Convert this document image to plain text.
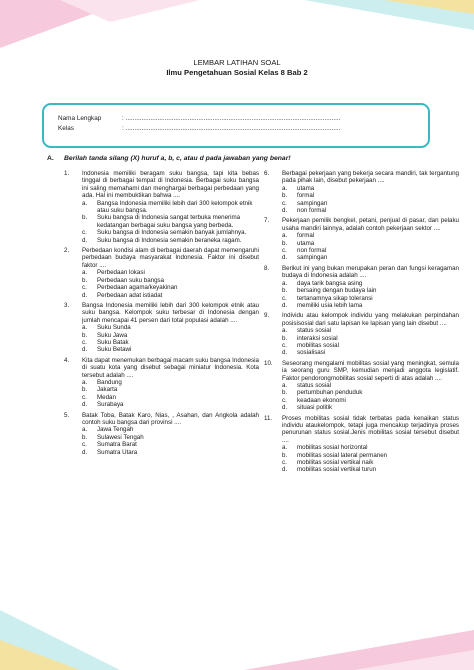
LEMBAR LATIHAN SOAL
Ilmu Pengetahuan Sosial Kelas 8 Bab 2
Nama Lengkap	: .........................................................................................................................
Kelas	: .........................................................................................................................
A. Berilah tanda silang (X) huruf a, b, c, atau d pada jawaban yang benar!
1. Indonesia memiliki beragam suku bangsa, tapi kita bebas tinggal di berbagai tempat di Indonesia. Berbagai suku bangsa ini saling memahami dan menghargai berbagai perbedaan yang ada. Hal ini membuktikan bahwa ....
a. Bangsa Indonesia memiliki lebih dari 300 kelompok etnik atau suku bangsa.
b. Suku bangsa di Indonesia sangat terbuka menerima kedatangan berbagai suku bangsa yang berbeda.
c. Suku bangsa di Indonesia semakin banyak jumlahnya.
d. Suku bangsa di Indonesia semakin beraneka ragam.
2. Perbedaan kondisi alam di berbagai daerah dapat memengaruhi perbedaan budaya masyarakat Indonesia. Faktor ini disebut faktor ....
a. Perbedaan lokasi
b. Perbedaan suku bangsa
c. Perbedaan agama/keyakinan
d. Perbedaan adat istiadat
3. Bangsa Indonesia memiliki lebih dari 300 kelompok etnik atau suku bangsa. Kelompok suku terbesar di Indonesia dengan jumlah mencapai 41 persen dari total populasi adalah ....
a. Suku Sunda
b. Suku Jawa
c. Suku Batak
d. Suku Betawi
4. Kita dapat menemukan berbagai macam suku bangsa Indonesia di suatu kota yang disebut sebagai miniatur Indonesia. Kota tersebut adalah ....
a. Bandung
b. Jakarta
c. Medan
d. Surabaya
5. Batak Toba, Batak Karo, Nias, , Asahan, dan Angkola adalah contoh suku bangsa dari provinsi ....
a. Jawa Tengah
b. Sulawesi Tengah
c. Sumatra Barat
d. Sumatra Utara
6. Berbagai pekerjaan yang bekerja secara mandiri, tak tergantung pada pihak lain, disebut pekerjaan ....
a. utama
b. formal
c. sampingan
d. non formal
7. Pekerjaan pemilik bengkel, petani, penjual di pasar, dan pelaku usaha mandiri lainnya, adalah contoh pekerjaan sektor ....
a. formal
b. utama
c. non formal
d. sampingan
8. Berikut ini yang bukan merupakan peran dan fungsi keragaman budaya di Indonesia adalah ....
a. daya tarik bangsa asing
b. bersaing dengan budaya lain
c. tertanamnya sikap toleransi
d. memiliki usia lebih lama
9. Individu atau kelompok individu yang melakukan perpindahan posisisosial dari satu lapisan ke lapisan yang lain disebut ....
a. status sosial
b. interaksi sosial
c. mobilitas sosial
d. sosialisasi
10. Seseorang mengalami mobilitas sosial yang meningkat, semula ia seorang guru SMP, kemudian menjadi anggota legislatif. Faktor pendorongmobilitas sosial seperti di atas adalah ....
a. status sosial
b. pertumbuhan penduduk
c. keadaan ekonomi
d. situasi politik
11. Proses mobilitas sosial tidak terbatas pada kenaikan status individu ataukelompok, tetapi juga mencakup terjadinya proses penurunan status sosial.Jenis mobilitas sosial tersebut disebut ....
a. mobilitas sosial horizontal
b. mobilitas sosial lateral permanen
c. mobilitas sosial vertikal naik
d. mobilitas sosial vertikal turun
